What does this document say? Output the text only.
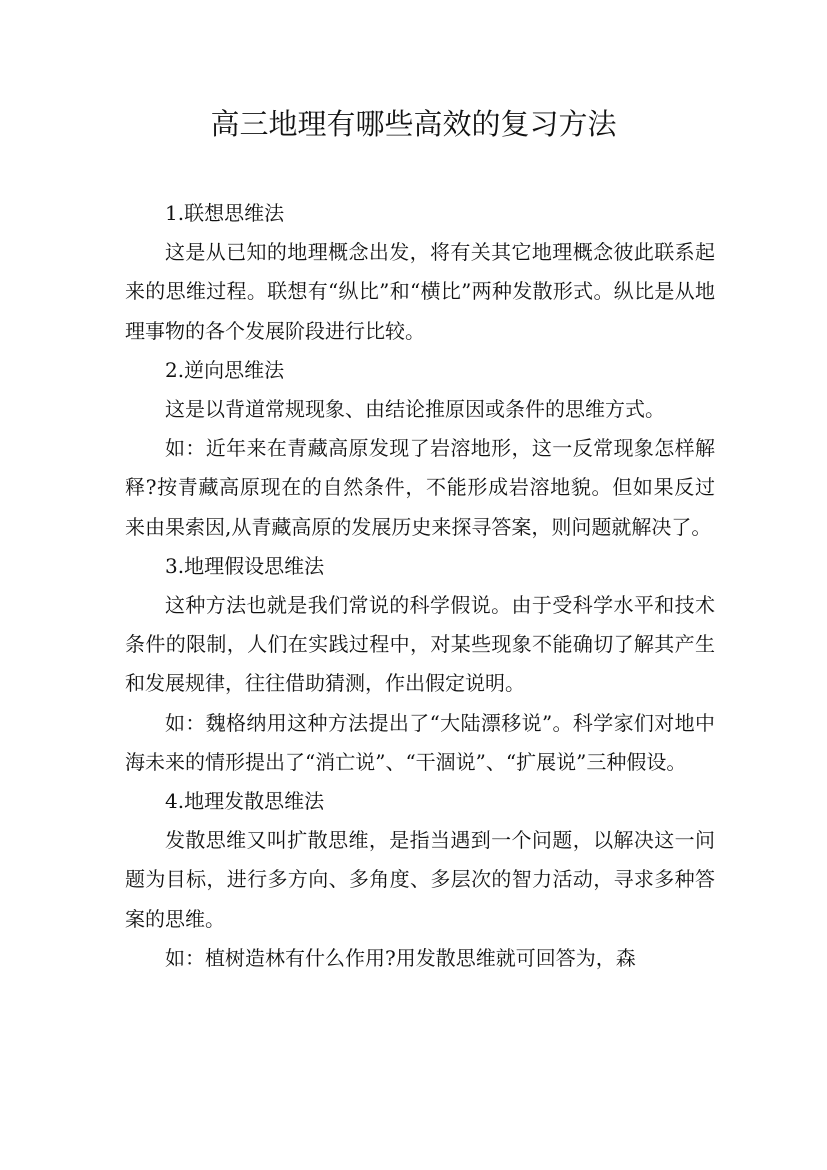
高三地理有哪些高效的复习方法

1.联想思维法

这是从已知的地理概念出发，将有关其它地理概念彼此联系起来的思维过程。联想有“纵比”和“横比”两种发散形式。纵比是从地理事物的各个发展阶段进行比较。

2.逆向思维法

这是以背道常规现象、由结论推原因或条件的思维方式。

如：近年来在青藏高原发现了岩溶地形，这一反常现象怎样解释?按青藏高原现在的自然条件，不能形成岩溶地貌。但如果反过来由果索因,从青藏高原的发展历史来探寻答案，则问题就解决了。

3.地理假设思维法

这种方法也就是我们常说的科学假说。由于受科学水平和技术条件的限制，人们在实践过程中，对某些现象不能确切了解其产生和发展规律，往往借助猜测，作出假定说明。

如：魏格纳用这种方法提出了“大陆漂移说”。科学家们对地中海未来的情形提出了“消亡说”、“干涸说”、“扩展说”三种假设。

4.地理发散思维法

发散思维又叫扩散思维，是指当遇到一个问题，以解决这一问题为目标，进行多方向、多角度、多层次的智力活动，寻求多种答案的思维。

如：植树造林有什么作用?用发散思维就可回答为，森
